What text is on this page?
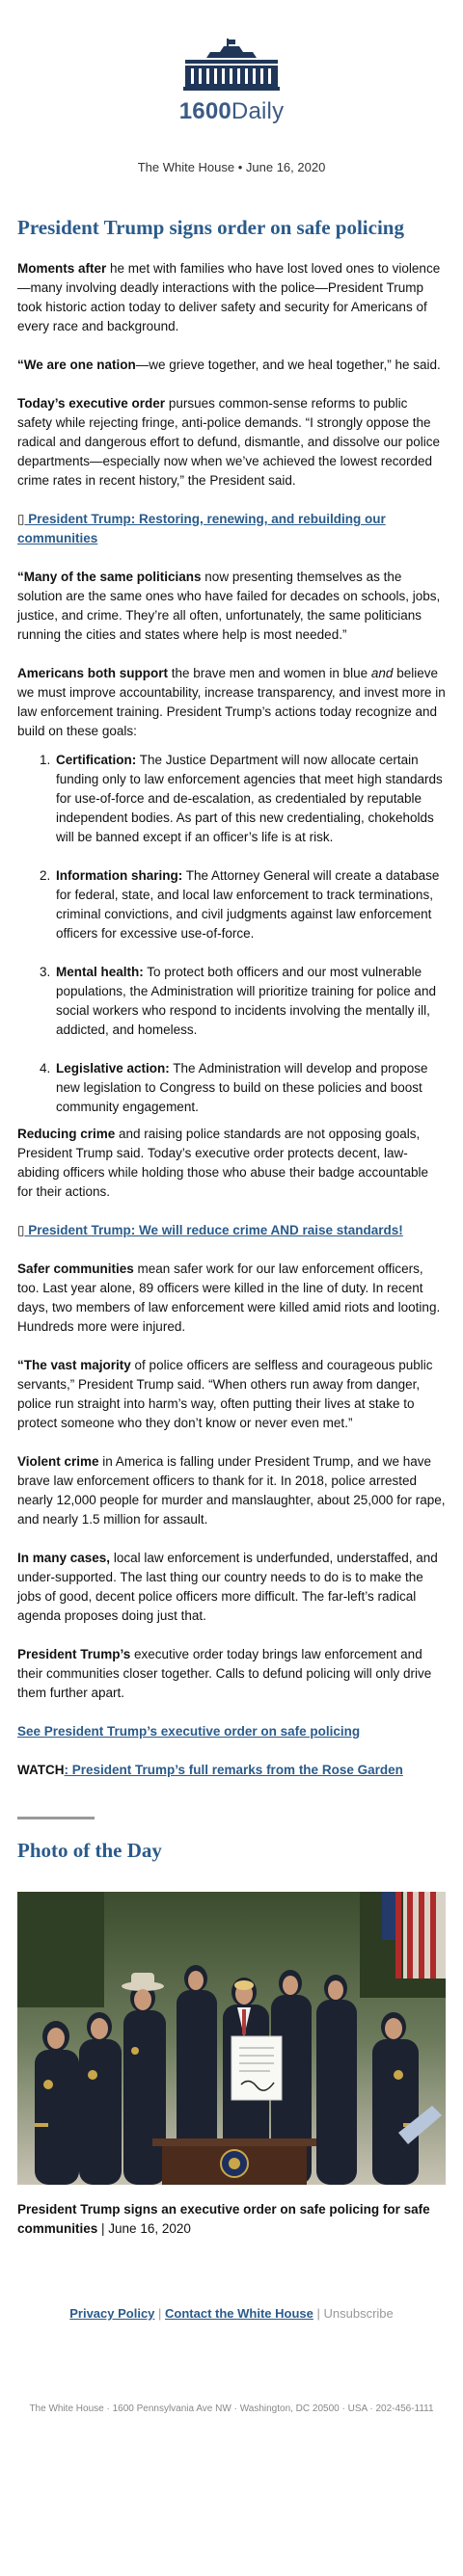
1600Daily
The White House • June 16, 2020
President Trump signs order on safe policing

Moments after he met with families who have lost loved ones to violence—many involving deadly interactions with the police—President Trump took historic action today to deliver safety and security for Americans of every race and background.

“We are one nation—we grieve together, and we heal together,” he said.

Today’s executive order pursues common-sense reforms to public safety while rejecting fringe, anti-police demands. “I strongly oppose the radical and dangerous effort to defund, dismantle, and dissolve our police departments—especially now when we’ve achieved the lowest recorded crime rates in recent history,” the President said.

▯ President Trump: Restoring, renewing, and rebuilding our communities

“Many of the same politicians now presenting themselves as the solution are the same ones who have failed for decades on schools, jobs, justice, and crime. They’re all often, unfortunately, the same politicians running the cities and states where help is most needed.”

Americans both support the brave men and women in blue and believe we must improve accountability, increase transparency, and invest more in law enforcement training. President Trump’s actions today recognize and build on these goals:

1. Certification: The Justice Department will now allocate certain funding only to law enforcement agencies that meet high standards for use-of-force and de-escalation, as credentialed by reputable independent bodies. As part of this new credentialing, chokeholds will be banned except if an officer’s life is at risk.
2. Information sharing: The Attorney General will create a database for federal, state, and local law enforcement to track terminations, criminal convictions, and civil judgments against law enforcement officers for excessive use-of-force.
3. Mental health: To protect both officers and our most vulnerable populations, the Administration will prioritize training for police and social workers who respond to incidents involving the mentally ill, addicted, and homeless.
4. Legislative action: The Administration will develop and propose new legislation to Congress to build on these policies and boost community engagement.

Reducing crime and raising police standards are not opposing goals, President Trump said. Today’s executive order protects decent, law-abiding officers while holding those who abuse their badge accountable for their actions.

▯ President Trump: We will reduce crime AND raise standards!

Safer communities mean safer work for our law enforcement officers, too. Last year alone, 89 officers were killed in the line of duty. In recent days, two members of law enforcement were killed amid riots and looting. Hundreds more were injured.

“The vast majority of police officers are selfless and courageous public servants,” President Trump said. “When others run away from danger, police run straight into harm’s way, often putting their lives at stake to protect someone who they don’t know or never even met.”

Violent crime in America is falling under President Trump, and we have brave law enforcement officers to thank for it. In 2018, police arrested nearly 12,000 people for murder and manslaughter, about 25,000 for rape, and nearly 1.5 million for assault.

In many cases, local law enforcement is underfunded, understaffed, and under-supported. The last thing our country needs to do is to make the jobs of good, decent police officers more difficult. The far-left’s radical agenda proposes doing just that.

President Trump’s executive order today brings law enforcement and their communities closer together. Calls to defund policing will only drive them further apart.

See President Trump’s executive order on safe policing
WATCH: President Trump’s full remarks from the Rose Garden
Photo of the Day
President Trump signs an executive order on safe policing for safe communities | June 16, 2020
Privacy Policy | Contact the White House | Unsubscribe
The White House · 1600 Pennsylvania Ave NW · Washington, DC 20500 · USA · 202-456-1111
